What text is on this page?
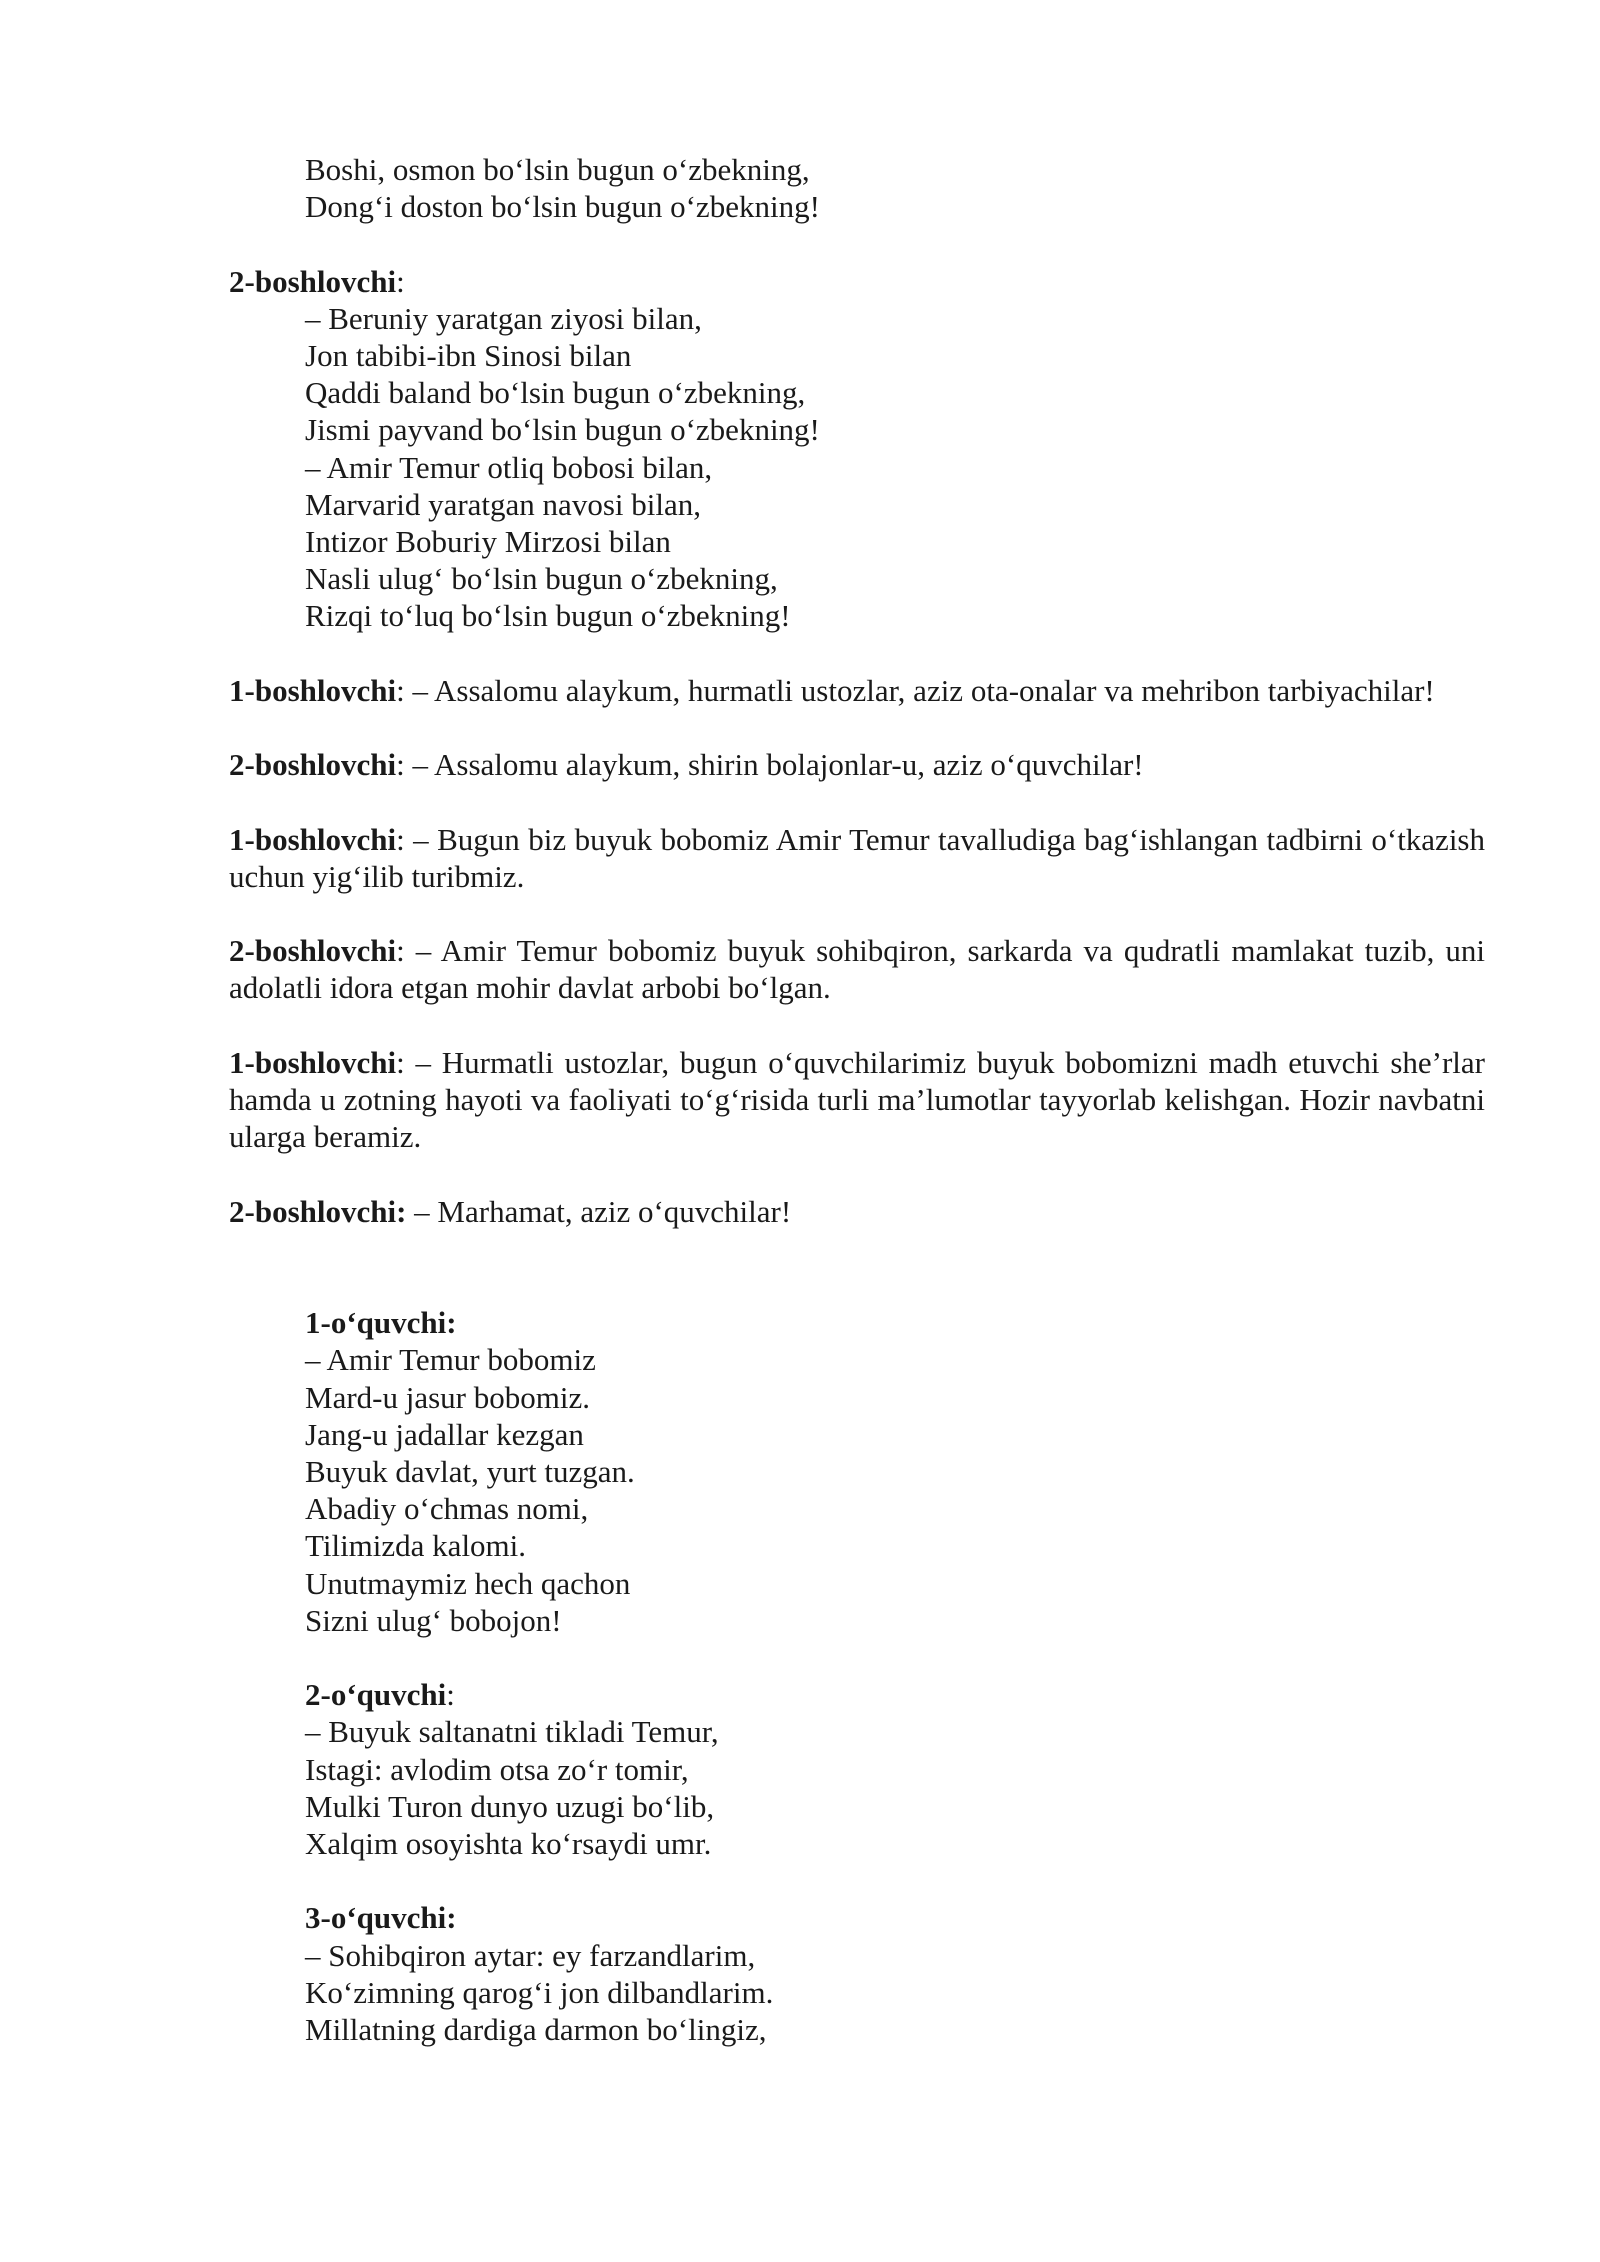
Boshi, osmon bo‘lsin bugun o‘zbekning,
Dong‘i doston bo‘lsin bugun o‘zbekning!

2-boshlovchi:

– Beruniy yaratgan ziyosi bilan,
Jon tabibi-ibn Sinosi bilan
Qaddi baland bo‘lsin bugun o‘zbekning,
Jismi payvand bo‘lsin bugun o‘zbekning!
– Amir Temur otliq bobosi bilan,
Marvarid yaratgan navosi bilan,
Intizor Boburiy Mirzosi bilan
Nasli ulug‘ bo‘lsin bugun o‘zbekning,
Rizqi to‘luq bo‘lsin bugun o‘zbekning!

1-boshlovchi: – Assalomu alaykum, hurmatli ustozlar, aziz ota-onalar va mehribon tarbiyachilar!

2-boshlovchi: – Assalomu alaykum, shirin bolajonlar-u, aziz o‘quvchilar!

1-boshlovchi: – Bugun biz buyuk bobomiz Amir Temur tavalludiga bag‘ishlangan tadbirni o‘tkazish uchun yig‘ilib turibmiz.

2-boshlovchi: – Amir Temur bobomiz buyuk sohibqiron, sarkarda va qudratli mamlakat tuzib, uni adolatli idora etgan mohir davlat arbobi bo‘lgan.

1-boshlovchi: – Hurmatli ustozlar, bugun o‘quvchilarimiz buyuk bobomizni madh etuvchi she’rlar hamda u zotning hayoti va faoliyati to‘g‘risida turli ma’lumotlar tayyorlab kelishgan. Hozir navbatni ularga beramiz.

2-boshlovchi: – Marhamat, aziz o‘quvchilar!

1-o‘quvchi:
– Amir Temur bobomiz
Mard-u jasur bobomiz.
Jang-u jadallar kezgan
Buyuk davlat, yurt tuzgan.
Abadiy o‘chmas nomi,
Tilimizda kalomi.
Unutmaymiz hech qachon
Sizni ulug‘ bobojon!
2-o‘quvchi:
– Buyuk saltanatni tikladi Temur,
Istagi: avlodim otsa zo‘r tomir,
Mulki Turon dunyo uzugi bo‘lib,
Xalqim osoyishta ko‘rsaydi umr.
3-o‘quvchi:
– Sohibqiron aytar: ey farzandlarim,
Ko‘zimning qarog‘i jon dilbandlarim.
Millatning dardiga darmon bo‘lingiz,
